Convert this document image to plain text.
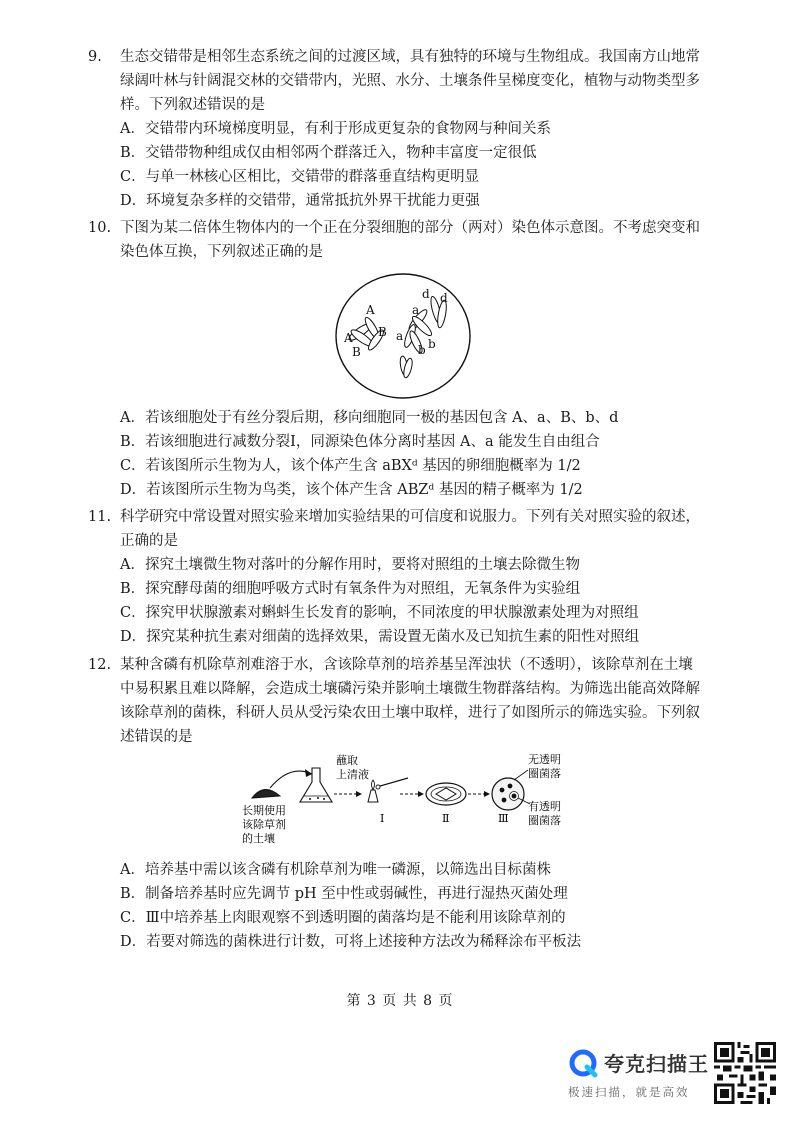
9.	生态交错带是相邻生态系统之间的过渡区域，具有独特的环境与生物组成。我国南方山地常
绿阔叶林与针阔混交林的交错带内，光照、水分、土壤条件呈梯度变化，植物与动物类型多
样。下列叙述错误的是
A．交错带内环境梯度明显，有利于形成更复杂的食物网与种间关系
B．交错带物种组成仅由相邻两个群落迁入，物种丰富度一定很低
C．与单一林核心区相比，交错带的群落垂直结构更明显
D．环境复杂多样的交错带，通常抵抗外界干扰能力更强
10. 下图为某二倍体生物体内的一个正在分裂细胞的部分（两对）染色体示意图。不考虑突变和
染色体互换，下列叙述正确的是
A
A B
B
a
a
b
b
d d
A．若该细胞处于有丝分裂后期，移向细胞同一极的基因包含 A、a、B、b、d
B．若该细胞进行减数分裂Ⅰ，同源染色体分离时基因 A、a 能发生自由组合
C．若该图所示生物为人，该个体产生含 aBXᵈ 基因的卵细胞概率为 1/2
D．若该图所示生物为鸟类，该个体产生含 ABZᵈ 基因的精子概率为 1/2
11. 科学研究中常设置对照实验来增加实验结果的可信度和说服力。下列有关对照实验的叙述，
正确的是
A．探究土壤微生物对落叶的分解作用时，要将对照组的土壤去除微生物
B．探究酵母菌的细胞呼吸方式时有氧条件为对照组，无氧条件为实验组
C．探究甲状腺激素对蝌蚪生长发育的影响，不同浓度的甲状腺激素处理为对照组
D．探究某种抗生素对细菌的选择效果，需设置无菌水及已知抗生素的阳性对照组
12. 某种含磷有机除草剂难溶于水，含该除草剂的培养基呈浑浊状（不透明），该除草剂在土壤
中易积累且难以降解，会造成土壤磷污染并影响土壤微生物群落结构。为筛选出能高效降解
该除草剂的菌株，科研人员从受污染农田土壤中取样，进行了如图所示的筛选实验。下列叙
述错误的是
蘸取
上清液
Ⅰ	Ⅱ	Ⅲ
无透明
圈菌落
有透明
圈菌落
长期使用
该除草剂
的土壤
A．培养基中需以该含磷有机除草剂为唯一磷源，以筛选出目标菌株
B．制备培养基时应先调节 pH 至中性或弱碱性，再进行湿热灭菌处理
C．Ⅲ中培养基上肉眼观察不到透明圈的菌落均是不能利用该除草剂的
D．若要对筛选的菌株进行计数，可将上述接种方法改为稀释涂布平板法
第 3 页 共 8 页
夸克扫描王
极速扫描，就是高效
